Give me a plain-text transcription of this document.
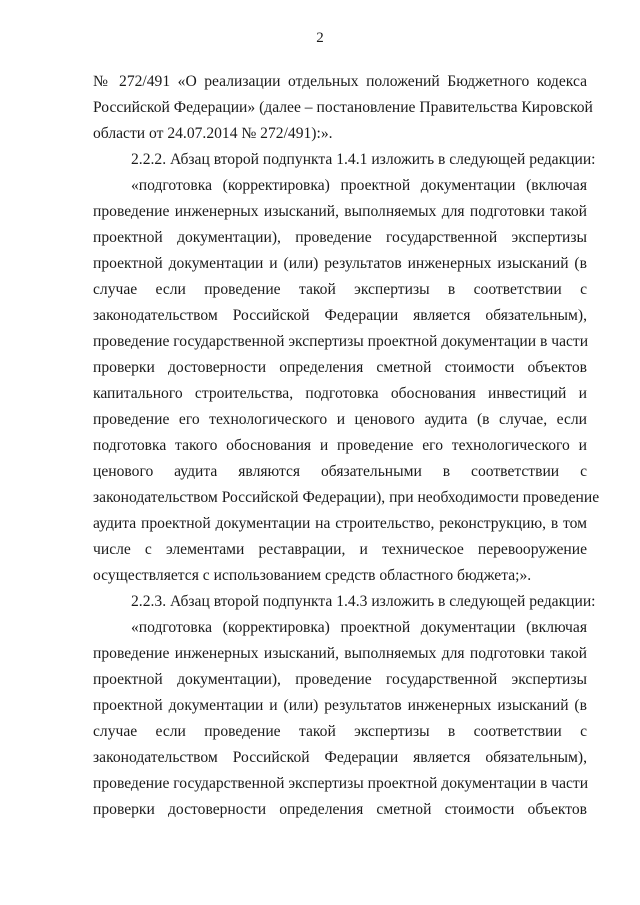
2
№ 272/491 «О реализации отдельных положений Бюджетного кодекса
Российской Федерации» (далее – постановление Правительства Кировской
области от 24.07.2014 № 272/491):».
2.2.2. Абзац второй подпункта 1.4.1 изложить в следующей редакции:
«подготовка (корректировка) проектной документации (включая
проведение инженерных изысканий, выполняемых для подготовки такой
проектной документации), проведение государственной экспертизы
проектной документации и (или) результатов инженерных изысканий (в
случае если проведение такой экспертизы в соответствии с
законодательством Российской Федерации является обязательным),
проведение государственной экспертизы проектной документации в части
проверки достоверности определения сметной стоимости объектов
капитального строительства, подготовка обоснования инвестиций и
проведение его технологического и ценового аудита (в случае, если
подготовка такого обоснования и проведение его технологического и
ценового аудита являются обязательными в соответствии с
законодательством Российской Федерации), при необходимости проведение
аудита проектной документации на строительство, реконструкцию, в том
числе с элементами реставрации, и техническое перевооружение
осуществляется с использованием средств областного бюджета;».
2.2.3. Абзац второй подпункта 1.4.3 изложить в следующей редакции:
«подготовка (корректировка) проектной документации (включая
проведение инженерных изысканий, выполняемых для подготовки такой
проектной документации), проведение государственной экспертизы
проектной документации и (или) результатов инженерных изысканий (в
случае если проведение такой экспертизы в соответствии с
законодательством Российской Федерации является обязательным),
проведение государственной экспертизы проектной документации в части
проверки достоверности определения сметной стоимости объектов
